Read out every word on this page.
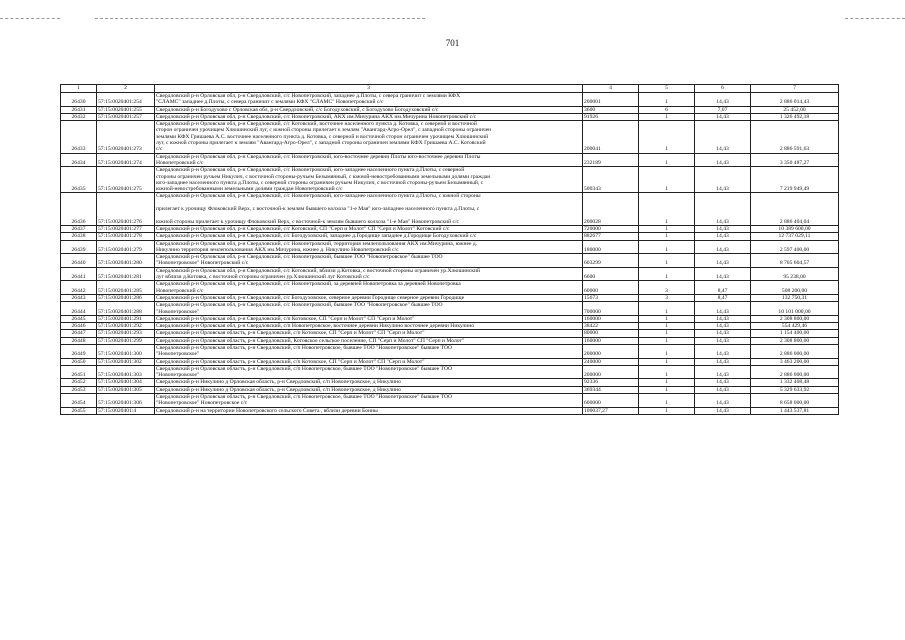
701
1	2	3	4	5	6	7
26430	57:15:0020401:254	Свердловский р-н Орловская обл, р-н Свердловский, с/с Новопетровский, западнее д.Плоты, с севера граничит с землями КФХ
"СЛАМС" западнее д.Плоты, с севера граничит с землями КФХ "СЛАМС" Новопетровский с/с	200001	1	14,43	2 886 014,43
26431	57:15:0020401:255	Свердловский р-н Богодухово с Орловская обл, р-н Свердловский, с/с Богодуховский, с Богодухово Богодуховский с/с	3600	6	7,07	25 452,00
26432	57:15:0020401:257	Свердловский р-н Орловская обл, р-н Свердловский, с/с Новопетровский, АКХ им.Мичурина АКХ им.Мичурина Новопетровский с/с	91926	1	14,43	1 326 492,18
26433	57:15:0020401:273	Свердловский р-н Орловская обл, р-н Свердловский, с/с Котовский, восточнее населенного пункта д. Котовка, с северной и восточной
сторон ограничен урочищем Хлюшинский луг, с южной стороны прилегает к землям "Авангард-Агро-Орел", с западной стороны ограничен
землями КФХ Гришаева А.С. восточнее населенного пункта д. Котовка, с северной и восточной сторон ограничен урочищем Хлюшинский
луг, с южной стороны прилегает к землям "Авангард-Агро-Орел", с западной стороны ограничен землями КФХ Гришаева А.С. Котовский
с/с	200041	1	14,43	2 886 591,63
26434	57:15:0020401:274	Свердловский р-н Орловская обл, р-н Свердловский, с/с Новопетровский, юго-восточнее деревни Плоты юго-восточнее деревни Плоты
Новопетровский с/с	232189	1	14,43	3 350 487,27
26435	57:15:0020401:275	Свердловский р-н Орловская обл, р-н Свердловский, с/с Новопетровский, юго-западнее населенного пункта д.Плоты, с северной
стороны ограничен ручьем Никулич, с восточной стороны-ручьем Безымянный, с южной-невостребованными земельными долями граждан
юго-западнее населенного пункта д.Плоты, с северной стороны ограничен ручьем Никулич, с восточной стороны-ручьем Безымянный, с
южной-невостребованными земельными долями граждан Новопетровский с/с	500343	1	14,43	7 219 949,49
26436	57:15:0020401:276	Свердловский р-н Орловская обл, р-н Свердловский, с/с Новопетровский, юго-западнее населенного пункта д.Плоты, с южной стороны

прилегает к урочищу Флоковский Верх, с восточной-к землям бывшего колхоза "1-е Мая" юго-западнее населенного пункта д.Плоты, с

южной стороны прилегает к урочищу Флоковский Верх, с восточной-к землям бывшего колхоза "1-е Мая" Новопетровский с/с	200028	1	14,43	2 886 404,04
26437	57:15:0020401:277	Свердловский р-н Орловская обл, р-н Свердловский, с/с Котовский, СП "Серп и Молот" СП "Серп и Молот" Котовский с/с	720000	1	14,43	10 389 600,00
26438	57:15:0020401:278	Свердловский р-н Орловская обл, р-н Свердловский, с/с Богодуховский, западнее д.Городище западнее д.Городище Богодуховский с/с	882677	1	14,43	12 737 029,11
26439	57:15:0020401:279	Свердловский р-н Орловская обл, р-н Свердловский, с/с Новопетровский, территория землепользования АКХ им.Мичурина, южнее д.
Никулино территория землепользования АКХ им.Мичурина, южнее д. Никулино Новопетровский с/с	180000	1	14,43	2 597 400,00
26440	57:15:0020401:280	Свердловский р-н Орловская обл, р-н Свердловский, с/с Новопетровский, бывшее ТОО "Новопетровское" бывшее ТОО
"Новопетровское" Новопетровский с/с	603299	1	14,43	8 705 604,57
26441	57:15:0020401:281	Свердловский р-н Орловская обл, р-н Свердловский, с/с Котовский, вблизи д.Котовка, с восточной стороны ограничен ур.Хлюшинский
луг вблизи д.Котовка, с восточной стороны ограничен ур.Хлюшинский луг Котовский с/с	6600	1	14,43	95 238,00
26442	57:15:0020401:285	Свердловский р-н Орловская обл, р-н Свердловский, с/с Новопетровский, за деревней Новопетровка за деревней Новопетровка
Новопетровский с/с	60000	3	8,47	508 200,00
26443	57:15:0020401:286	Свердловский р-н Орловская обл, р-н Свердловский, с/с Богодуховское, северное деревни Городище северное деревни Городище	15673	3	8,47	132 750,31
26444	57:15:0020401:288	Свердловский р-н Орловская обл, р-н Свердловский, с/с Новопетровский, бывшее ТОО "Новопетровское" бывшее ТОО
"Новопетровское"	700000	1	14,43	10 101 000,00
26445	57:15:0020401:291	Свердловский р-н Орловская обл, р-н Свердловский, с/п Котовское, СП "Серп и Молот" СП "Серп и Молот"	160000	1	14,43	2 308 800,00
26446	57:15:0020401:292	Свердловский р-н Орловская обл, р-н Свердловский, с/п Новопетровское, восточнее деревни Никулино восточнее деревни Никулино	38422	1	14,43	554 429,46
26447	57:15:0020401:293	Свердловский р-н Орловская область, р-н Свердловский, с/п Котовское, СП "Серп и Молот" СП "Серп и Молот"	80000	1	14,43	1 154 400,00
26448	57:15:0020401:299	Свердловский р-н Орловская область, р-н Свердловский, Котовское сельское поселение, СП "Серп и Молот" СП "Серп и Молот"	160000	1	14,43	2 308 800,00
26449	57:15:0020401:300	Свердловский р-н Орловская область, р-н Свердловский, с/п Новопетровское, бывшее ТОО "Новопетровское" бывшее ТОО
"Новопетровское"	200000	1	14,43	2 886 000,00
26450	57:15:0020401:302	Свердловский р-н Орловская область, р-н Свердловский, с/п Котовское, СП "Серп и Молот" СП "Серп и Молот"	240000	1	14,43	3 463 200,00
26451	57:15:0020401:303	Свердловский р-н Орловская область, р-н Свердловский, с/п Новопетровское, бывшее ТОО "Новопетровское" бывшее ТОО
"Новопетровское"	200000	1	14,43	2 886 000,00
26452	57:15:0020401:304	Свердловский р-н Никулино д Орловская область, р-н Свердловский, с/п Новопетровское, д Никулино	92336	1	14,43	1 332 408,48
26453	57:15:0020401:305	Свердловский р-н Никулино д Орловская область, р-н Свердловский, с/п Новопетровское, д Никулино	369344	1	14,43	5 329 633,92
26454	57:15:0020401:306	Свердловский р-н Орловская область, р-н Свердловский, с/п Новопетровское, бывшее ТОО "Новопетровское" бывшее ТОО
"Новопетровское" Новопетровское с/с	600000	1	14,43	8 658 000,00
26455	57:15:0020401:4	Свердловский р-н на территории Новопетровского сельского Совета , вблизи деревни Боины	100037,27	1	14,43	1 443 537,81
